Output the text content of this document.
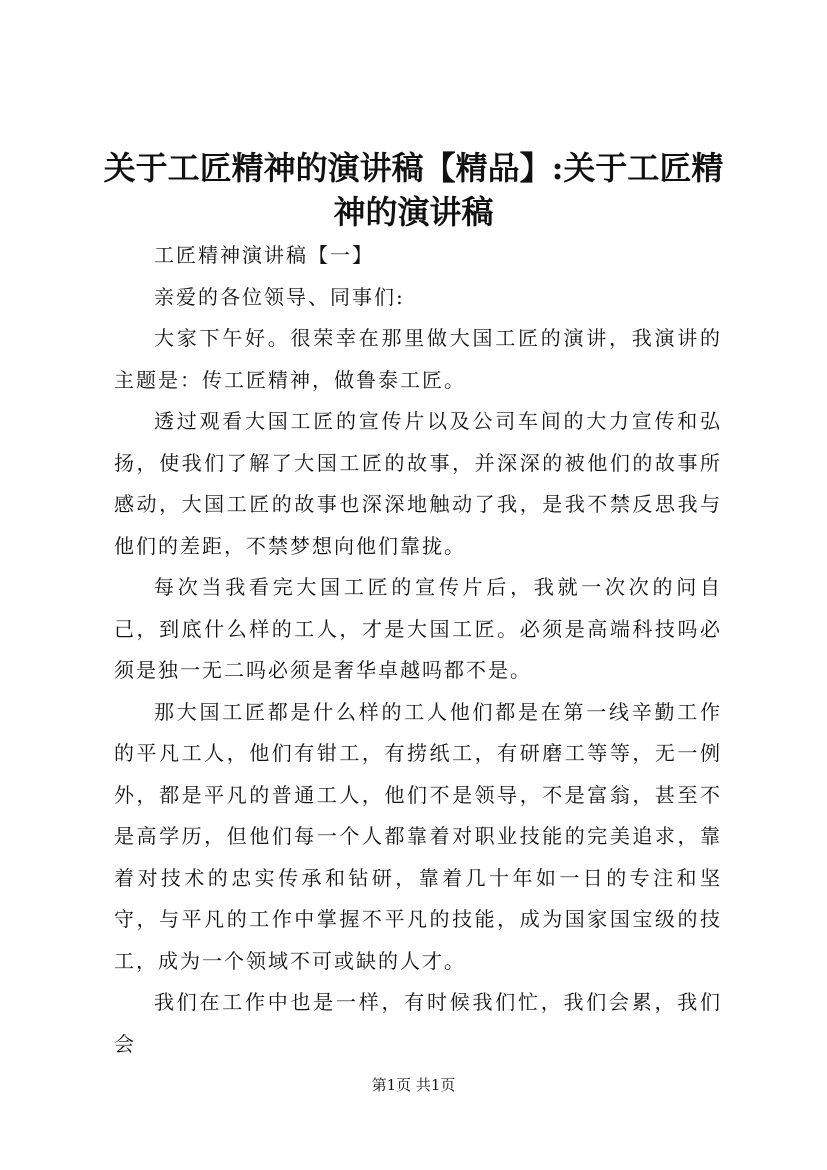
关于工匠精神的演讲稿【精品】:关于工匠精神的演讲稿

工匠精神演讲稿【一】

亲爱的各位领导、同事们:

大家下午好。很荣幸在那里做大国工匠的演讲，我演讲的主题是：传工匠精神，做鲁泰工匠。

透过观看大国工匠的宣传片以及公司车间的大力宣传和弘扬，使我们了解了大国工匠的故事，并深深的被他们的故事所感动，大国工匠的故事也深深地触动了我，是我不禁反思我与他们的差距，不禁梦想向他们靠拢。

每次当我看完大国工匠的宣传片后，我就一次次的问自己，到底什么样的工人，才是大国工匠。必须是高端科技吗必须是独一无二吗必须是奢华卓越吗都不是。

那大国工匠都是什么样的工人他们都是在第一线辛勤工作的平凡工人，他们有钳工，有捞纸工，有研磨工等等，无一例外，都是平凡的普通工人，他们不是领导，不是富翁，甚至不是高学历，但他们每一个人都靠着对职业技能的完美追求，靠着对技术的忠实传承和钻研，靠着几十年如一日的专注和坚守，与平凡的工作中掌握不平凡的技能，成为国家国宝级的技工，成为一个领域不可或缺的人才。

我们在工作中也是一样，有时候我们忙，我们会累，我们会

第1页 共1页
